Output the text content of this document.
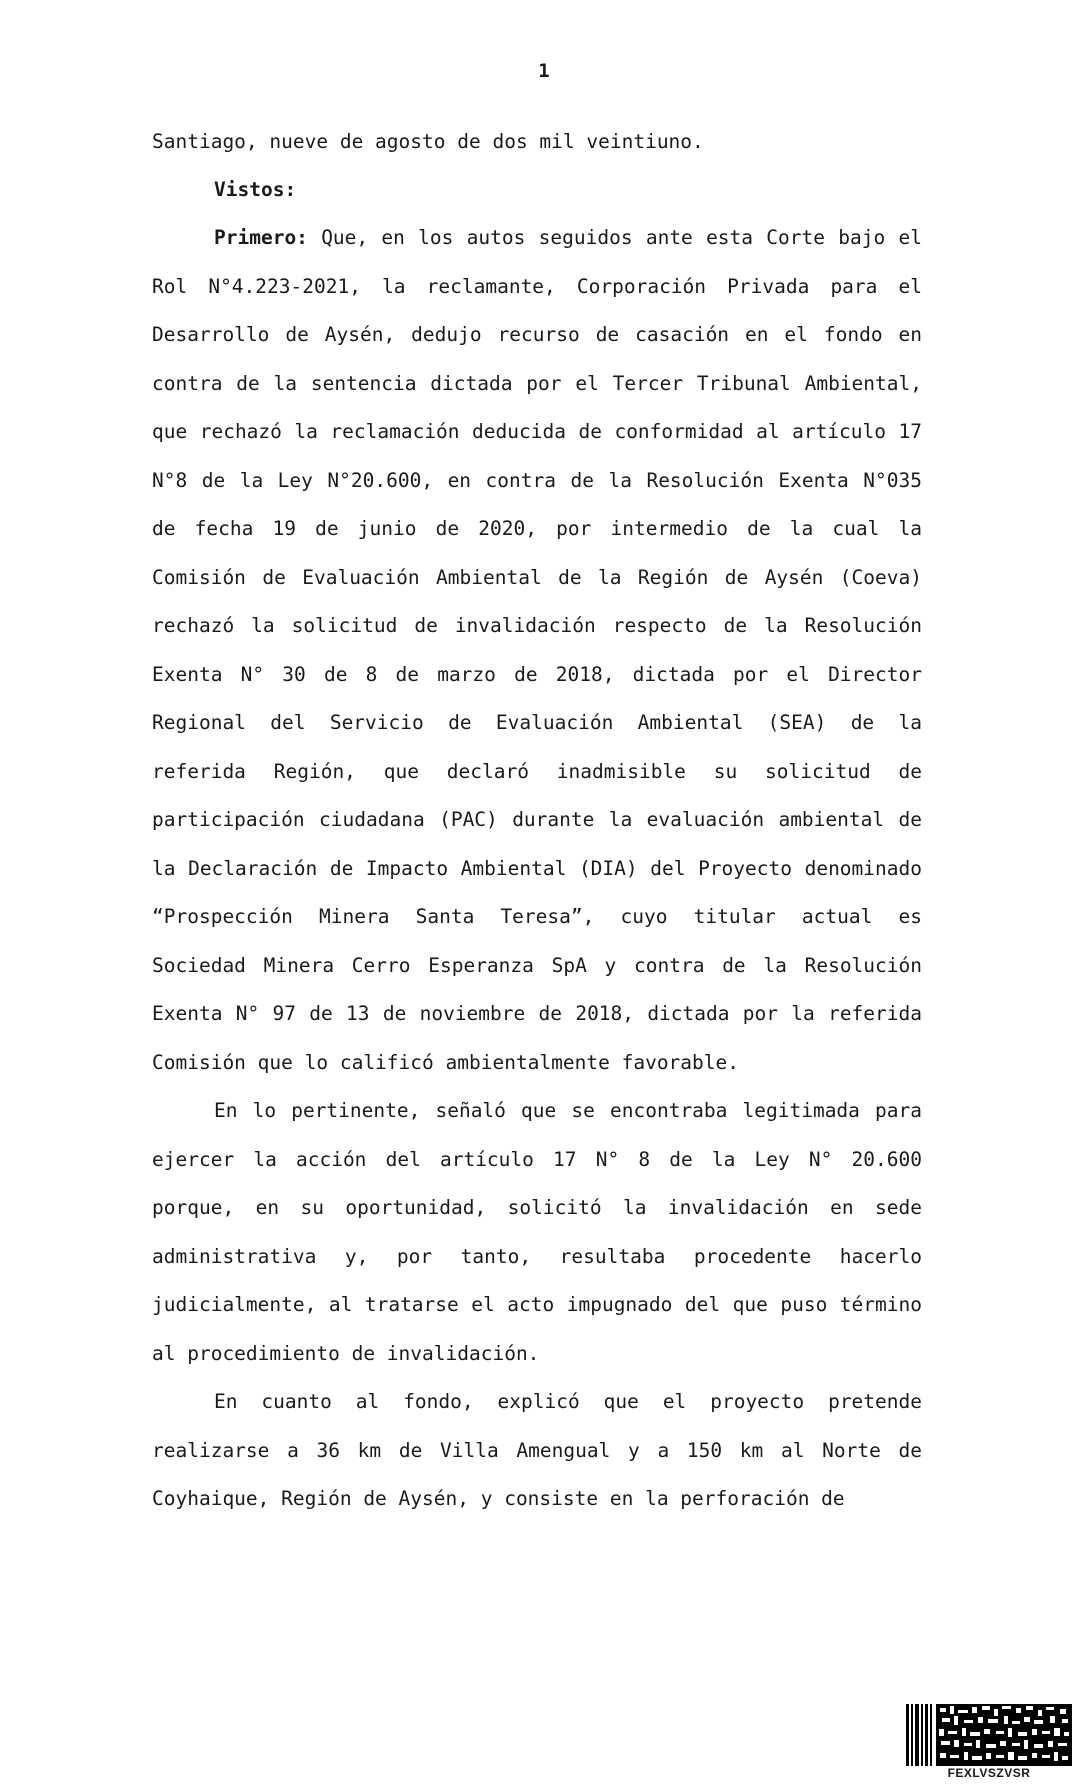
1
Santiago, nueve de agosto de dos mil veintiuno.
Vistos:

Primero: Que, en los autos seguidos ante esta Corte bajo el Rol N°4.223-2021, la reclamante, Corporación Privada para el Desarrollo de Aysén, dedujo recurso de casación en el fondo en contra de la sentencia dictada por el Tercer Tribunal Ambiental, que rechazó la reclamación deducida de conformidad al artículo 17 N°8 de la Ley N°20.600, en contra de la Resolución Exenta N°035 de fecha 19 de junio de 2020, por intermedio de la cual la Comisión de Evaluación Ambiental de la Región de Aysén (Coeva) rechazó la solicitud de invalidación respecto de la Resolución Exenta N° 30 de 8 de marzo de 2018, dictada por el Director Regional del Servicio de Evaluación Ambiental (SEA) de la referida Región, que declaró inadmisible su solicitud de participación ciudadana (PAC) durante la evaluación ambiental de la Declaración de Impacto Ambiental (DIA) del Proyecto denominado “Prospección Minera Santa Teresa”, cuyo titular actual es Sociedad Minera Cerro Esperanza SpA y contra de la Resolución Exenta N° 97 de 13 de noviembre de 2018, dictada por la referida Comisión que lo calificó ambientalmente favorable.

En lo pertinente, señaló que se encontraba legitimada para ejercer la acción del artículo 17 N° 8 de la Ley N° 20.600 porque, en su oportunidad, solicitó la invalidación en sede administrativa y, por tanto, resultaba procedente hacerlo judicialmente, al tratarse el acto impugnado del que puso término al procedimiento de invalidación.

En cuanto al fondo, explicó que el proyecto pretende realizarse a 36 km de Villa Amengual y a 150 km al Norte de Coyhaique, Región de Aysén, y consiste en la perforación de

FEXLVSZVSR
